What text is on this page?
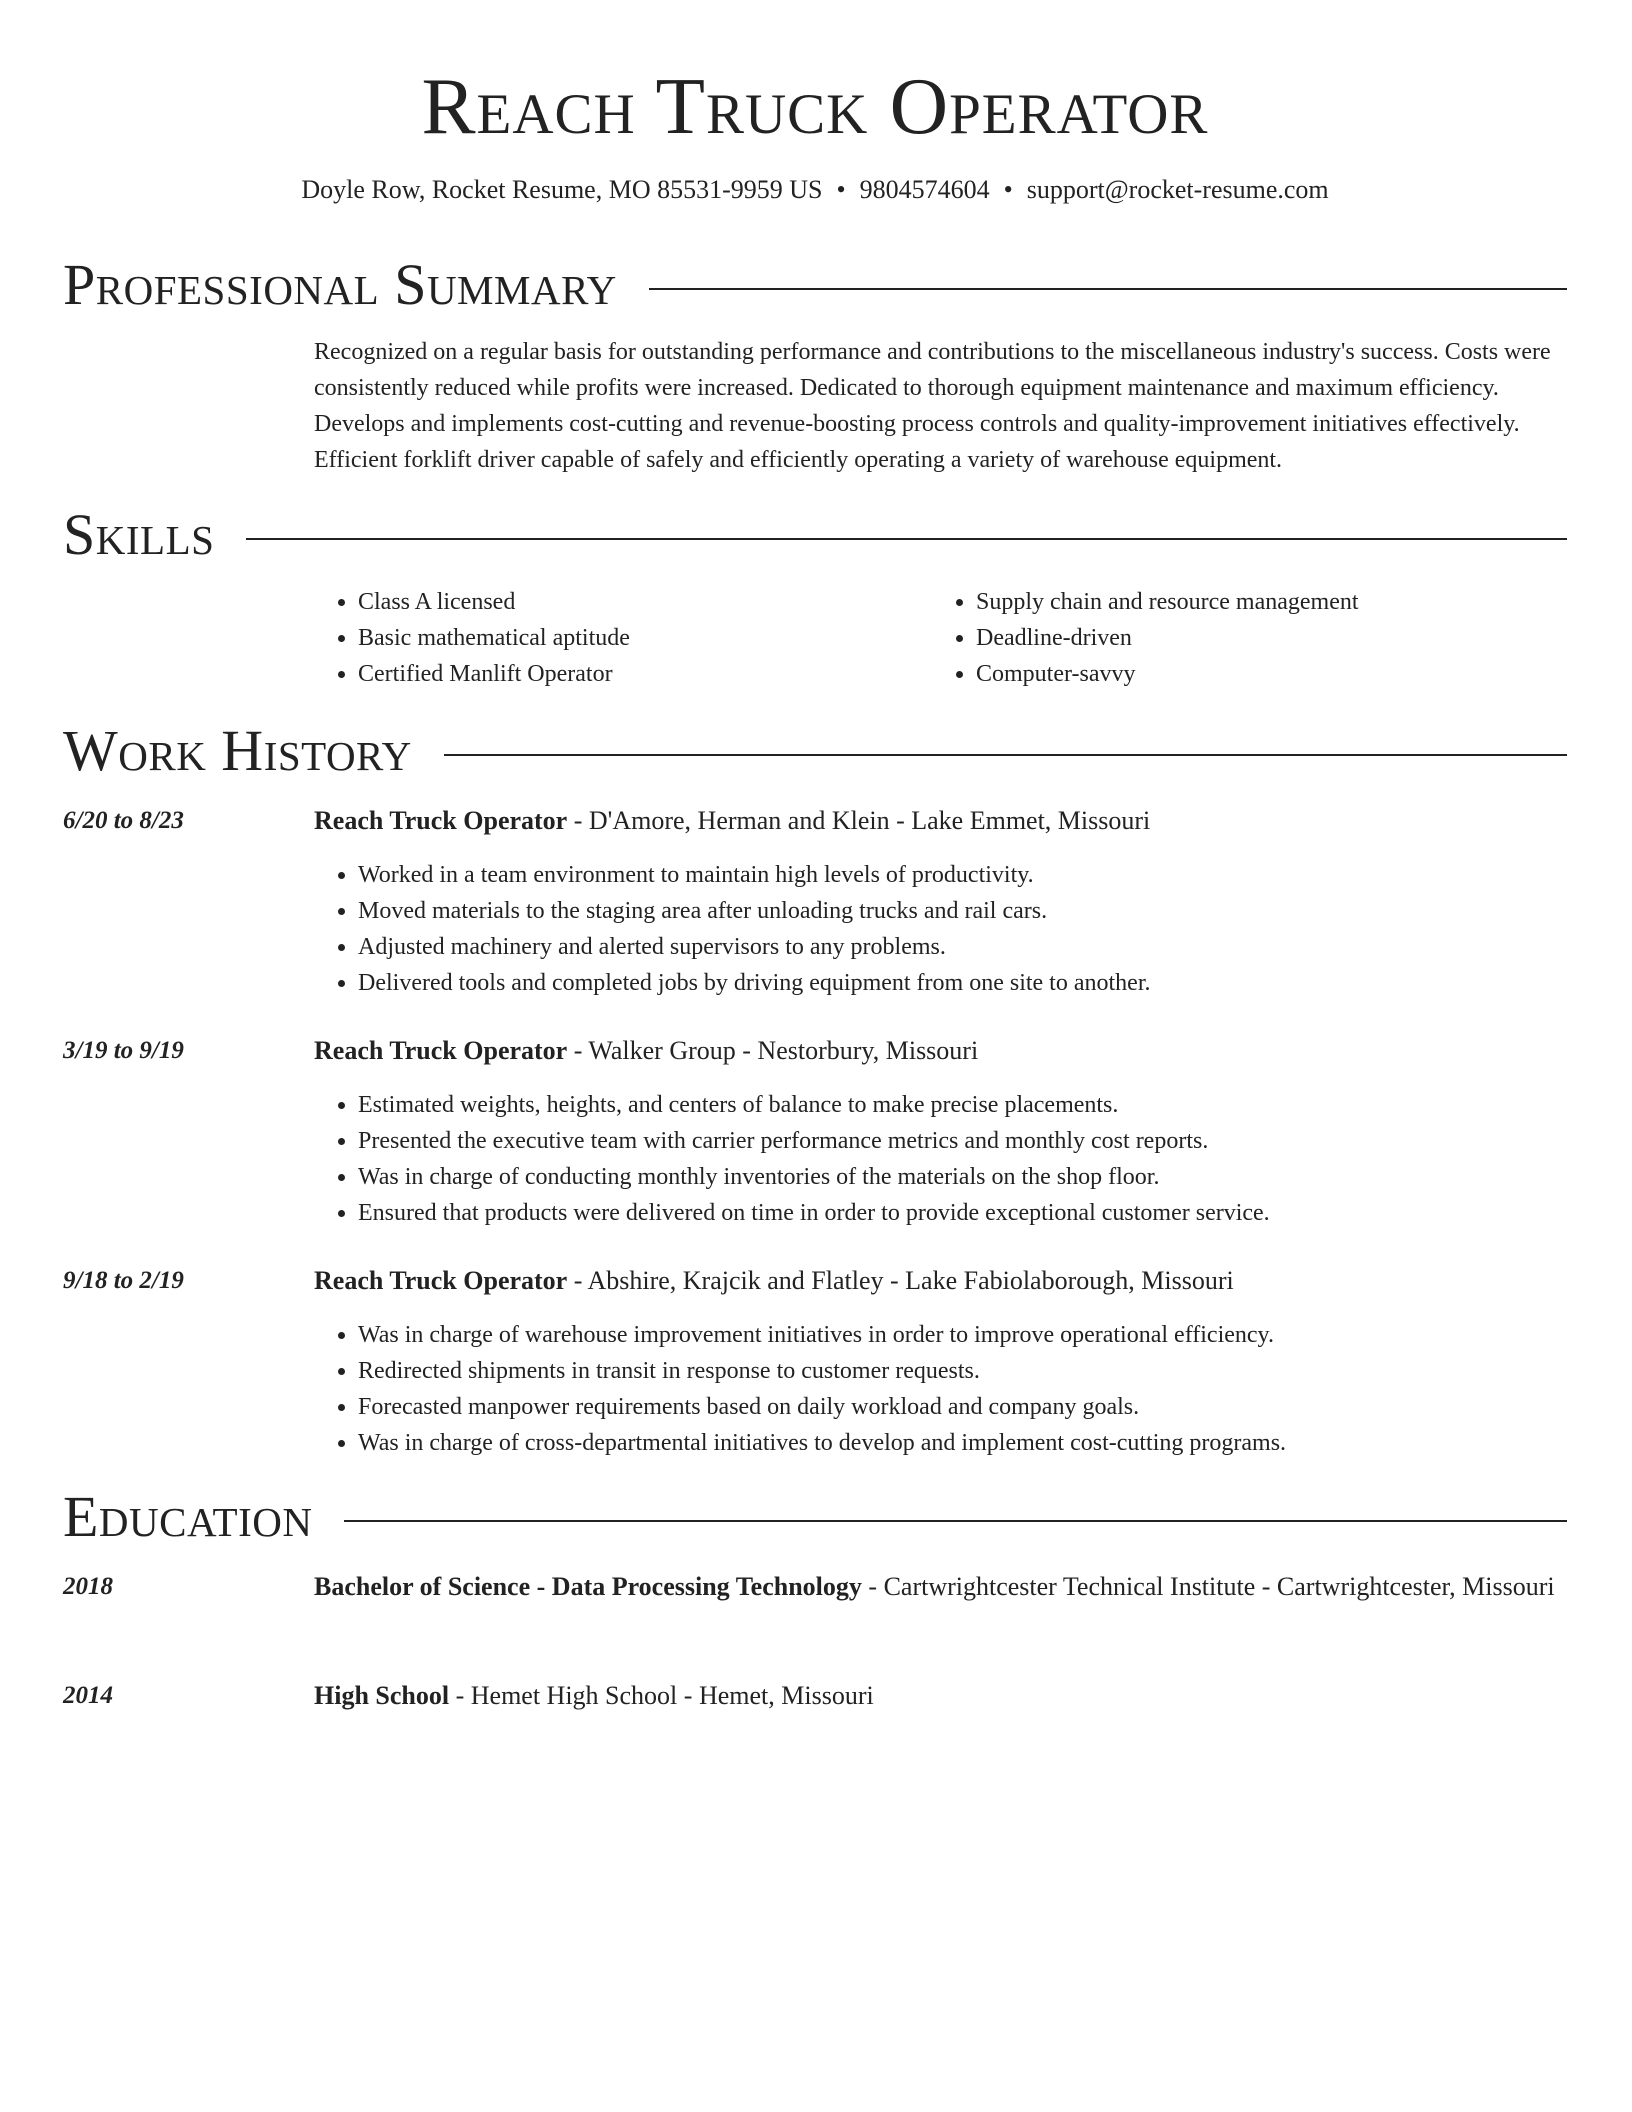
Reach Truck Operator

Doyle Row, Rocket Resume, MO 85531-9959 US • 9804574604 • support@rocket-resume.com

Professional Summary

Recognized on a regular basis for outstanding performance and contributions to the miscellaneous industry's success. Costs were consistently reduced while profits were increased. Dedicated to thorough equipment maintenance and maximum efficiency. Develops and implements cost-cutting and revenue-boosting process controls and quality-improvement initiatives effectively. Efficient forklift driver capable of safely and efficiently operating a variety of warehouse equipment.

Skills
• Class A licensed
• Basic mathematical aptitude
• Certified Manlift Operator
• Supply chain and resource management
• Deadline-driven
• Computer-savvy
Work History
6/20 to 8/23	Reach Truck Operator - D'Amore, Herman and Klein - Lake Emmet, Missouri
• Worked in a team environment to maintain high levels of productivity.
• Moved materials to the staging area after unloading trucks and rail cars.
• Adjusted machinery and alerted supervisors to any problems.
• Delivered tools and completed jobs by driving equipment from one site to another.
3/19 to 9/19	Reach Truck Operator - Walker Group - Nestorbury, Missouri
• Estimated weights, heights, and centers of balance to make precise placements.
• Presented the executive team with carrier performance metrics and monthly cost reports.
• Was in charge of conducting monthly inventories of the materials on the shop floor.
• Ensured that products were delivered on time in order to provide exceptional customer service.
9/18 to 2/19	Reach Truck Operator - Abshire, Krajcik and Flatley - Lake Fabiolaborough, Missouri
• Was in charge of warehouse improvement initiatives in order to improve operational efficiency.
• Redirected shipments in transit in response to customer requests.
• Forecasted manpower requirements based on daily workload and company goals.
• Was in charge of cross-departmental initiatives to develop and implement cost-cutting programs.
Education
2018	Bachelor of Science - Data Processing Technology - Cartwrightcester Technical Institute - Cartwrightcester, Missouri
2014	High School - Hemet High School - Hemet, Missouri
